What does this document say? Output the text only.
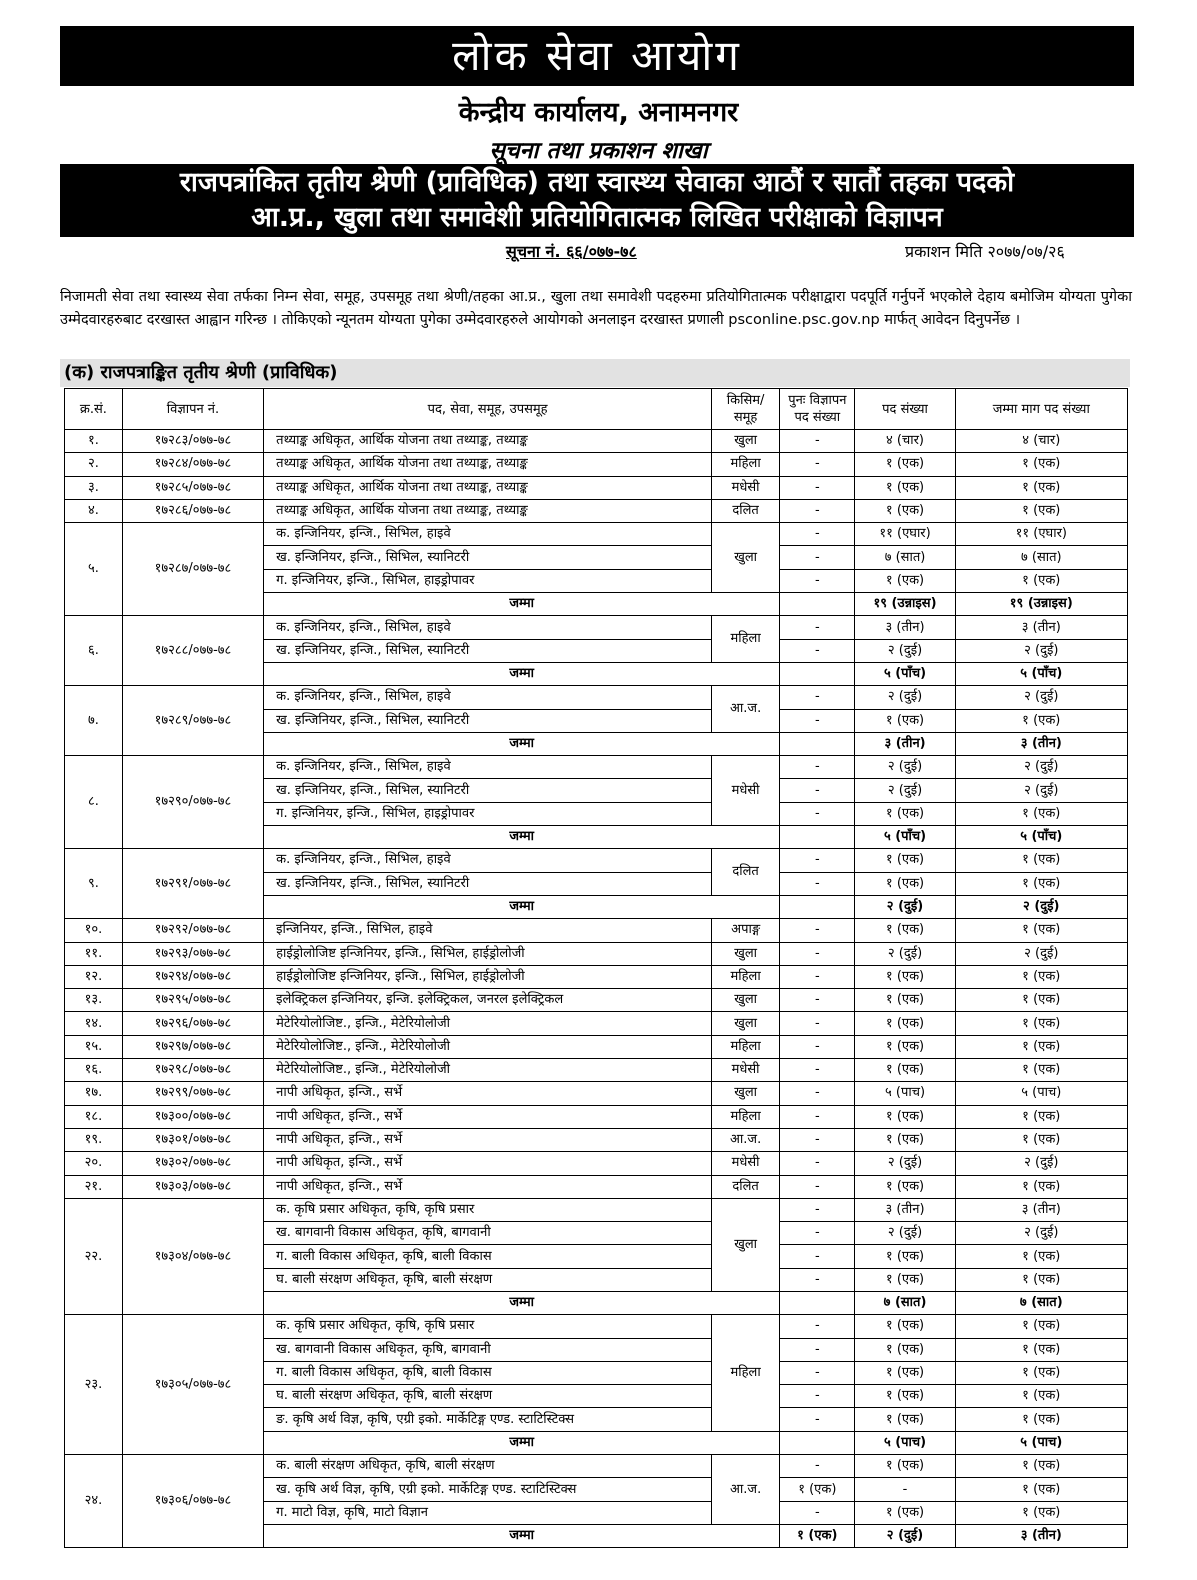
लोक सेवा आयोग
केन्द्रीय कार्यालय, अनामनगर
सूचना तथा प्रकाशन शाखा
राजपत्रांकित तृतीय श्रेणी (प्राविधिक) तथा स्वास्थ्य सेवाका आठौं र सातौं तहका पदको
आ.प्र., खुला तथा समावेशी प्रतियोगितात्मक लिखित परीक्षाको विज्ञापन
सूचना नं. ६६/०७७-७८	प्रकाशन मिति २०७७/०७/२६
निजामती सेवा तथा स्वास्थ्य सेवा तर्फका निम्न सेवा, समूह, उपसमूह तथा श्रेणी/तहका आ.प्र., खुला तथा समावेशी पदहरुमा प्रतियोगितात्मक परीक्षाद्वारा पदपूर्ति गर्नुपर्ने भएकोले देहाय बमोजिम योग्यता पुगेका उम्मेदवारहरुबाट दरखास्त आह्वान गरिन्छ । तोकिएको न्यूनतम योग्यता पुगेका उम्मेदवारहरुले आयोगको अनलाइन दरखास्त प्रणाली psconline.psc.gov.np मार्फत् आवेदन दिनुपर्नेछ ।
(क) राजपत्राङ्कित तृतीय श्रेणी (प्राविधिक)
क्र.सं.	विज्ञापन नं.	पद, सेवा, समूह, उपसमूह	किसिम/ समूह	पुनः विज्ञापन पद संख्या	पद संख्या	जम्मा माग पद संख्या
१.	१७२८३/०७७-७८	तथ्याङ्क अधिकृत, आर्थिक योजना तथा तथ्याङ्क, तथ्याङ्क	खुला	-	४ (चार)	४ (चार)
२.	१७२८४/०७७-७८	तथ्याङ्क अधिकृत, आर्थिक योजना तथा तथ्याङ्क, तथ्याङ्क	महिला	-	१ (एक)	१ (एक)
३.	१७२८५/०७७-७८	तथ्याङ्क अधिकृत, आर्थिक योजना तथा तथ्याङ्क, तथ्याङ्क	मधेसी	-	१ (एक)	१ (एक)
४.	१७२८६/०७७-७८	तथ्याङ्क अधिकृत, आर्थिक योजना तथा तथ्याङ्क, तथ्याङ्क	दलित	-	१ (एक)	१ (एक)
५.	१७२८७/०७७-७८	क. इन्जिनियर, इन्जि., सिभिल, हाइवे	खुला	-	११ (एघार)	११ (एघार)
		ख. इन्जिनियर, इन्जि., सिभिल, स्यानिटरी		-	७ (सात)	७ (सात)
		ग. इन्जिनियर, इन्जि., सिभिल, हाइड्रोपावर		-	१ (एक)	१ (एक)
		जम्मा			१९ (उन्नाइस)	१९ (उन्नाइस)
६.	१७२८८/०७७-७८	क. इन्जिनियर, इन्जि., सिभिल, हाइवे	महिला	-	३ (तीन)	३ (तीन)
		ख. इन्जिनियर, इन्जि., सिभिल, स्यानिटरी		-	२ (दुई)	२ (दुई)
		जम्मा			५ (पाँच)	५ (पाँच)
७.	१७२८९/०७७-७८	क. इन्जिनियर, इन्जि., सिभिल, हाइवे	आ.ज.	-	२ (दुई)	२ (दुई)
		ख. इन्जिनियर, इन्जि., सिभिल, स्यानिटरी		-	१ (एक)	१ (एक)
		जम्मा			३ (तीन)	३ (तीन)
८.	१७२९०/०७७-७८	क. इन्जिनियर, इन्जि., सिभिल, हाइवे	मधेसी	-	२ (दुई)	२ (दुई)
		ख. इन्जिनियर, इन्जि., सिभिल, स्यानिटरी		-	२ (दुई)	२ (दुई)
		ग. इन्जिनियर, इन्जि., सिभिल, हाइड्रोपावर		-	१ (एक)	१ (एक)
		जम्मा			५ (पाँच)	५ (पाँच)
९.	१७२९१/०७७-७८	क. इन्जिनियर, इन्जि., सिभिल, हाइवे	दलित	-	१ (एक)	१ (एक)
		ख. इन्जिनियर, इन्जि., सिभिल, स्यानिटरी		-	१ (एक)	१ (एक)
		जम्मा			२ (दुई)	२ (दुई)
१०.	१७२९२/०७७-७८	इन्जिनियर, इन्जि., सिभिल, हाइवे	अपाङ्ग	-	१ (एक)	१ (एक)
११.	१७२९३/०७७-७८	हाईड्रोलोजिष्ट इन्जिनियर, इन्जि., सिभिल, हाईड्रोलोजी	खुला	-	२ (दुई)	२ (दुई)
१२.	१७२९४/०७७-७८	हाईड्रोलोजिष्ट इन्जिनियर, इन्जि., सिभिल, हाईड्रोलोजी	महिला	-	१ (एक)	१ (एक)
१३.	१७२९५/०७७-७८	इलेक्ट्रिकल इन्जिनियर, इन्जि. इलेक्ट्रिकल, जनरल इलेक्ट्रिकल	खुला	-	१ (एक)	१ (एक)
१४.	१७२९६/०७७-७८	मेटेरियोलोजिष्ट., इन्जि., मेटेरियोलोजी	खुला	-	१ (एक)	१ (एक)
१५.	१७२९७/०७७-७८	मेटेरियोलोजिष्ट., इन्जि., मेटेरियोलोजी	महिला	-	१ (एक)	१ (एक)
१६.	१७२९८/०७७-७८	मेटेरियोलोजिष्ट., इन्जि., मेटेरियोलोजी	मधेसी	-	१ (एक)	१ (एक)
१७.	१७२९९/०७७-७८	नापी अधिकृत, इन्जि., सर्भे	खुला	-	५ (पाच)	५ (पाच)
१८.	१७३००/०७७-७८	नापी अधिकृत, इन्जि., सर्भे	महिला	-	१ (एक)	१ (एक)
१९.	१७३०१/०७७-७८	नापी अधिकृत, इन्जि., सर्भे	आ.ज.	-	१ (एक)	१ (एक)
२०.	१७३०२/०७७-७८	नापी अधिकृत, इन्जि., सर्भे	मधेसी	-	२ (दुई)	२ (दुई)
२१.	१७३०३/०७७-७८	नापी अधिकृत, इन्जि., सर्भे	दलित	-	१ (एक)	१ (एक)
२२.	१७३०४/०७७-७८	क. कृषि प्रसार अधिकृत, कृषि, कृषि प्रसार	खुला	-	३ (तीन)	३ (तीन)
		ख. बागवानी विकास अधिकृत, कृषि, बागवानी		-	२ (दुई)	२ (दुई)
		ग. बाली विकास अधिकृत, कृषि, बाली विकास		-	१ (एक)	१ (एक)
		घ. बाली संरक्षण अधिकृत, कृषि, बाली संरक्षण		-	१ (एक)	१ (एक)
		जम्मा			७ (सात)	७ (सात)
२३.	१७३०५/०७७-७८	क. कृषि प्रसार अधिकृत, कृषि, कृषि प्रसार	महिला	-	१ (एक)	१ (एक)
		ख. बागवानी विकास अधिकृत, कृषि, बागवानी		-	१ (एक)	१ (एक)
		ग. बाली विकास अधिकृत, कृषि, बाली विकास		-	१ (एक)	१ (एक)
		घ. बाली संरक्षण अधिकृत, कृषि, बाली संरक्षण		-	१ (एक)	१ (एक)
		ङ. कृषि अर्थ विज्ञ, कृषि, एग्री इको. मार्केटिङ्ग एण्ड. स्टाटिस्टिक्स		-	१ (एक)	१ (एक)
		जम्मा			५ (पाच)	५ (पाच)
२४.	१७३०६/०७७-७८	क. बाली संरक्षण अधिकृत, कृषि, बाली संरक्षण	आ.ज.	-	१ (एक)	१ (एक)
		ख. कृषि अर्थ विज्ञ, कृषि, एग्री इको. मार्केटिङ्ग एण्ड. स्टाटिस्टिक्स		१ (एक)	-	१ (एक)
		ग. माटो विज्ञ, कृषि, माटो विज्ञान		-	१ (एक)	१ (एक)
		जम्मा		१ (एक)	२ (दुई)	३ (तीन)
